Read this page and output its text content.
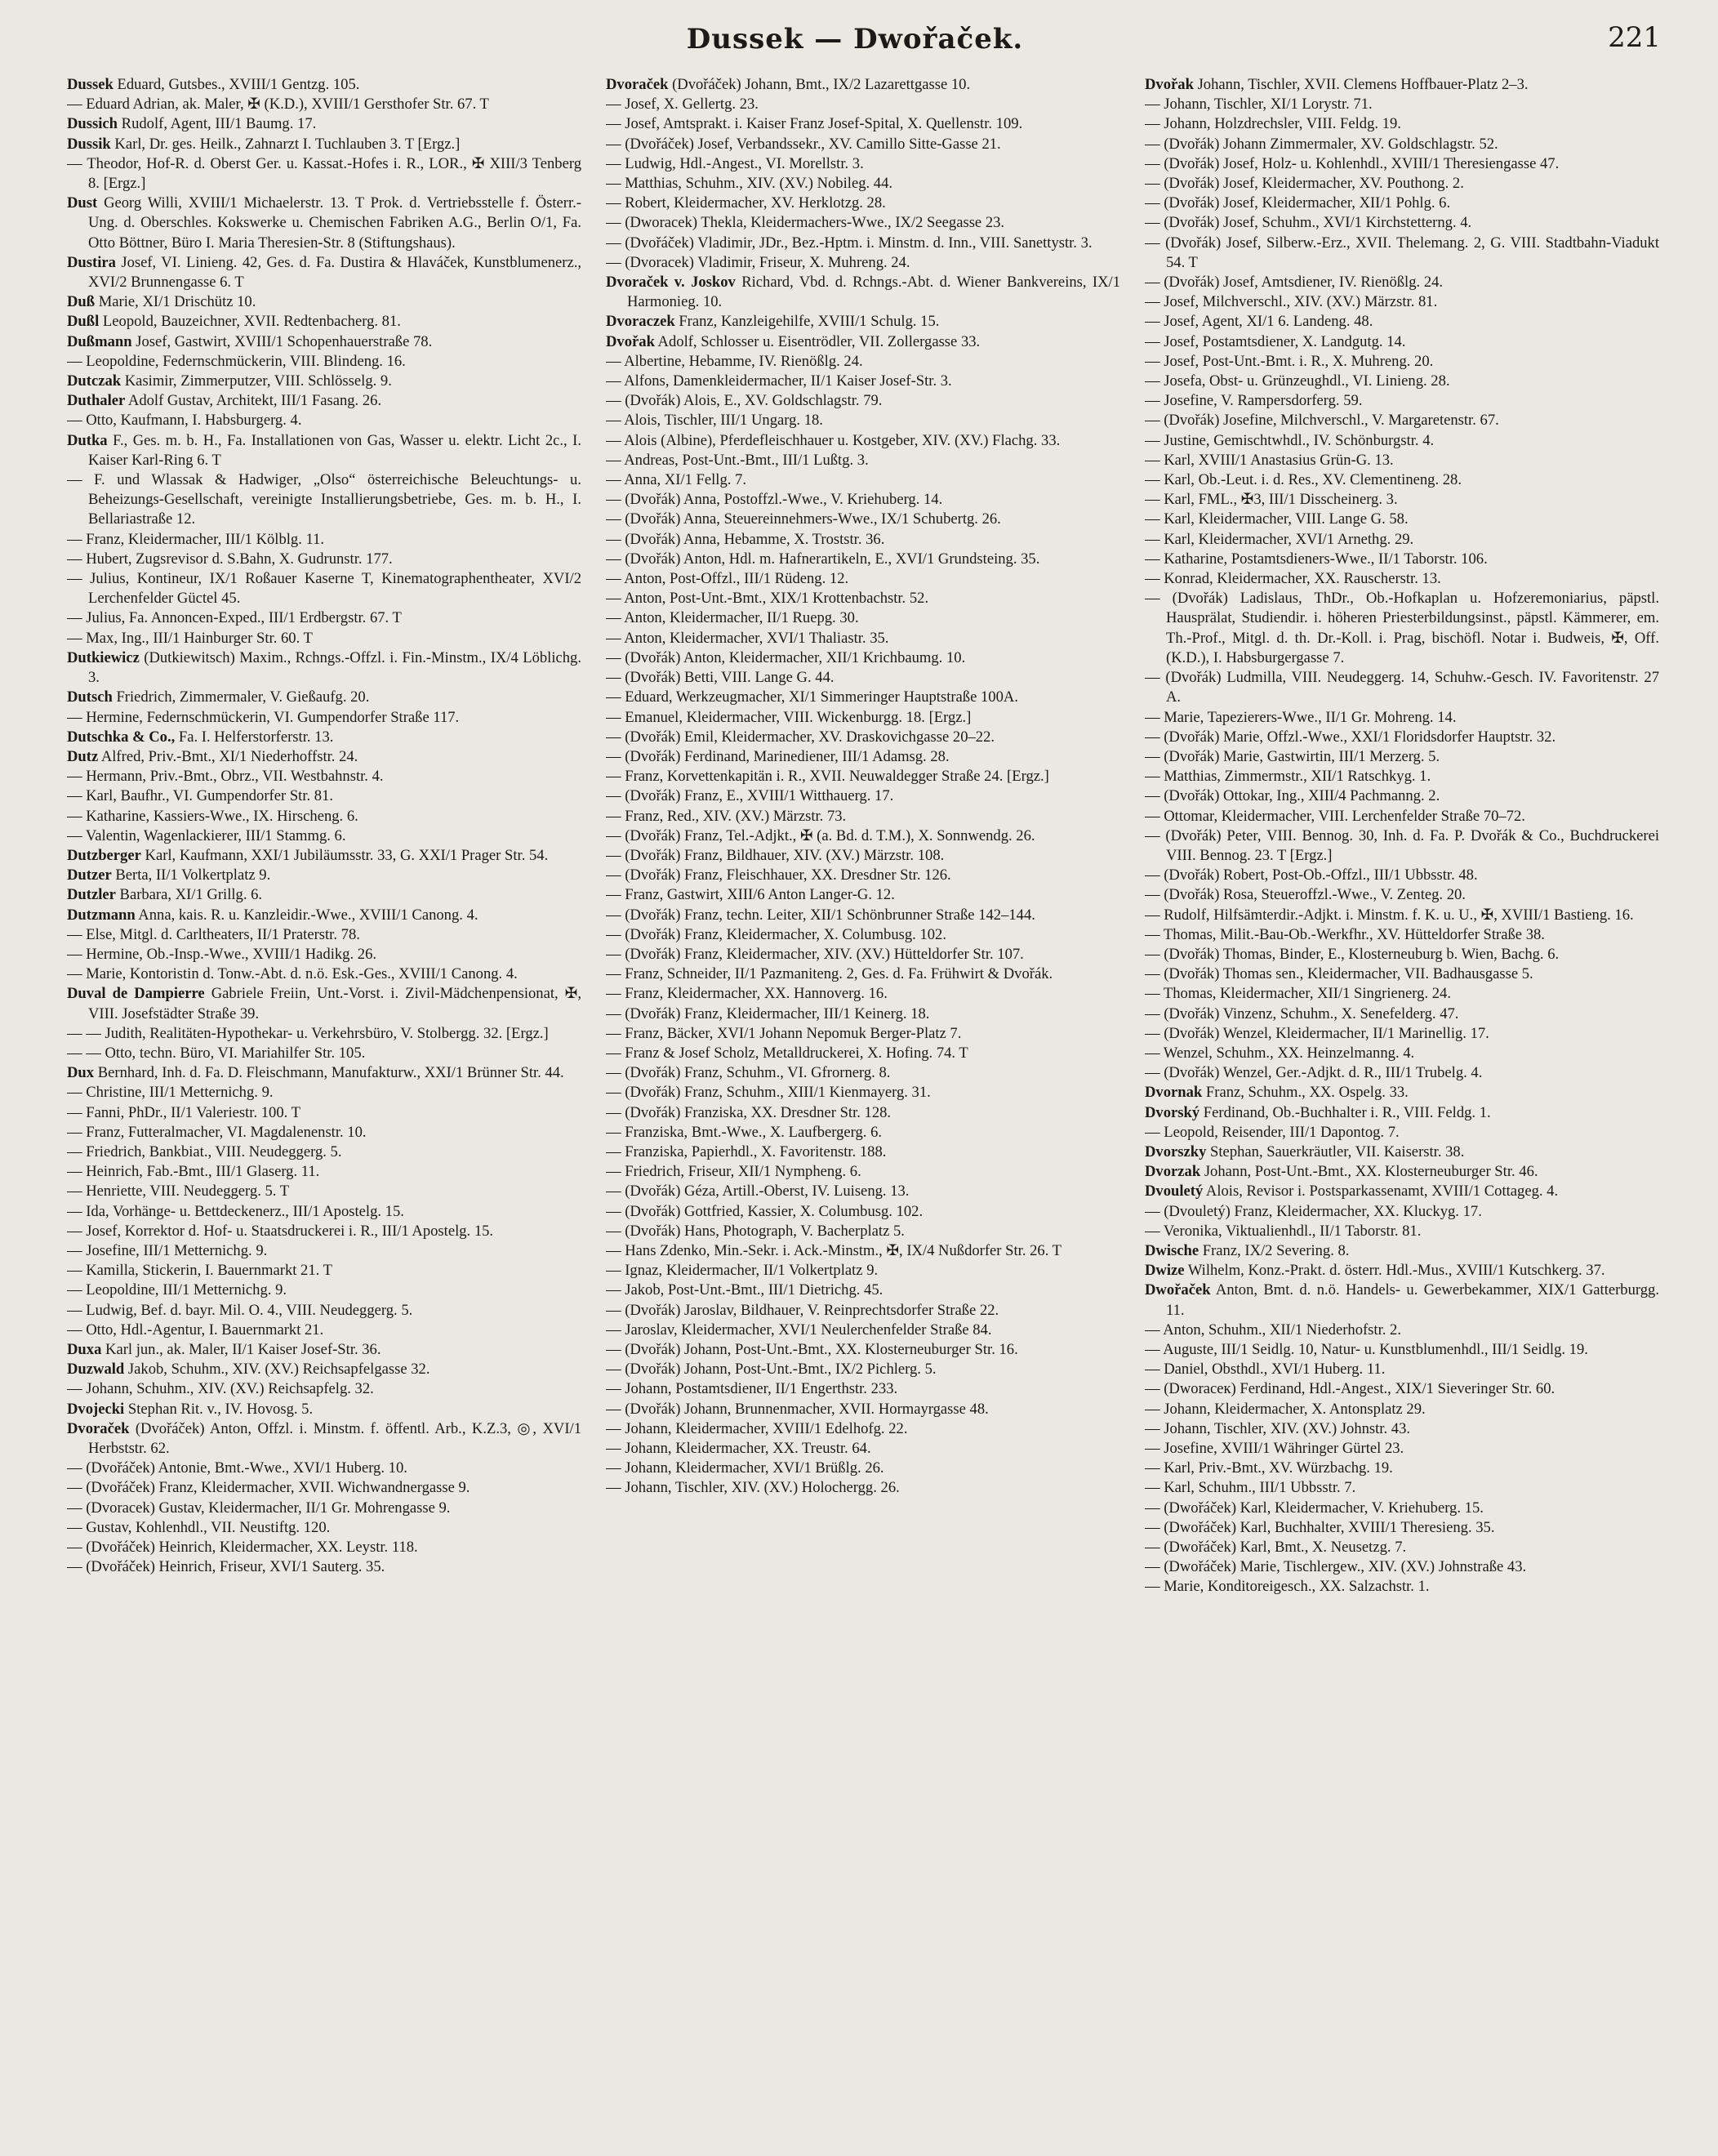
Dussek — Dwořaček.	221
Dussek Eduard, Gutsbes., XVIII/1 Gentzg. 105.
— Eduard Adrian, ak. Maler, ✠ (K.D.), XVIII/1 Gersthofer Str. 67. T
Dussich Rudolf, Agent, III/1 Baumg. 17.
Dussik Karl, Dr. ges. Heilk., Zahnarzt I. Tuchlauben 3. T [Ergz.]
— Theodor, Hof-R. d. Oberst Ger. u. Kassat.-Hofes i. R., LOR., ✠ XIII/3 Tenberg 8. [Ergz.]
Dust Georg Willi, XVIII/1 Michaelerstr. 13. T Prok. d. Vertriebsstelle f. Österr.-Ung. d. Oberschles. Kokswerke u. Chemischen Fabriken A.G., Berlin O/1, Fa. Otto Böttner, Büro I. Maria Theresien-Str. 8 (Stiftungshaus).
Dustira Josef, VI. Linieng. 42, Ges. d. Fa. Dustira & Hlaváček, Kunstblumenerz., XVI/2 Brunnengasse 6. T
Duß Marie, XI/1 Drischütz 10.
Dußl Leopold, Bauzeichner, XVII. Redtenbacherg. 81.
Dußmann Josef, Gastwirt, XVIII/1 Schopenhauerstraße 78.
— Leopoldine, Federnschmückerin, VIII. Blindeng. 16.
Dutczak Kasimir, Zimmerputzer, VIII. Schlösselg. 9.
Duthaler Adolf Gustav, Architekt, III/1 Fasang. 26.
— Otto, Kaufmann, I. Habsburgerg. 4.
Dutka F., Ges. m. b. H., Fa. Installationen von Gas, Wasser u. elektr. Licht 2c., I. Kaiser Karl-Ring 6. T
— F. und Wlassak & Hadwiger, „Olso“ österreichische Beleuchtungs- u. Beheizungs-Gesellschaft, vereinigte Installierungsbetriebe, Ges. m. b. H., I. Bellariastraße 12.
— Franz, Kleidermacher, III/1 Kölblg. 11.
— Hubert, Zugsrevisor d. S.Bahn, X. Gudrunstr. 177.
— Julius, Kontineur, IX/1 Roßauer Kaserne T, Kinematographentheater, XVI/2 Lerchenfelder Güctel 45.
— Julius, Fa. Annoncen-Exped., III/1 Erdbergstr. 67. T
— Max, Ing., III/1 Hainburger Str. 60. T
Dutkiewicz (Dutkiewitsch) Maxim., Rchngs.-Offzl. i. Fin.-Minstm., IX/4 Löblichg. 3.
Dutsch Friedrich, Zimmermaler, V. Gießaufg. 20.
— Hermine, Federnschmückerin, VI. Gumpendorfer Straße 117.
Dutschka & Co., Fa. I. Helferstorferstr. 13.
Dutz Alfred, Priv.-Bmt., XI/1 Niederhoffstr. 24.
— Hermann, Priv.-Bmt., Obrz., VII. Westbahnstr. 4.
— Karl, Baufhr., VI. Gumpendorfer Str. 81.
— Katharine, Kassiers-Wwe., IX. Hirscheng. 6.
— Valentin, Wagenlackierer, III/1 Stammg. 6.
Dutzberger Karl, Kaufmann, XXI/1 Jubiläumsstr. 33, G. XXI/1 Prager Str. 54.
Dutzer Berta, II/1 Volkertplatz 9.
Dutzler Barbara, XI/1 Grillg. 6.
Dutzmann Anna, kais. R. u. Kanzleidir.-Wwe., XVIII/1 Canong. 4.
— Else, Mitgl. d. Carltheaters, II/1 Praterstr. 78.
— Hermine, Ob.-Insp.-Wwe., XVIII/1 Hadikg. 26.
— Marie, Kontoristin d. Tonw.-Abt. d. n.ö. Esk.-Ges., XVIII/1 Canong. 4.
Duval de Dampierre Gabriele Freiin, Unt.-Vorst. i. Zivil-Mädchenpensionat, ✠, VIII. Josefstädter Straße 39.
— — Judith, Realitäten-Hypothekar- u. Verkehrsbüro, V. Stolbergg. 32. [Ergz.]
— — Otto, techn. Büro, VI. Mariahilfer Str. 105.
Dux Bernhard, Inh. d. Fa. D. Fleischmann, Manufakturw., XXI/1 Brünner Str. 44.
— Christine, III/1 Metternichg. 9.
— Fanni, PhDr., II/1 Valeriestr. 100. T
— Franz, Futteralmacher, VI. Magdalenenstr. 10.
— Friedrich, Bankbiat., VIII. Neudeggerg. 5.
— Heinrich, Fab.-Bmt., III/1 Glaserg. 11.
— Henriette, VIII. Neudeggerg. 5. T
— Ida, Vorhänge- u. Bettdeckenerz., III/1 Apostelg. 15.
— Josef, Korrektor d. Hof- u. Staatsdruckerei i. R., III/1 Apostelg. 15.
— Josefine, III/1 Metternichg. 9.
— Kamilla, Stickerin, I. Bauernmarkt 21. T
— Leopoldine, III/1 Metternichg. 9.
— Ludwig, Bef. d. bayr. Mil. O. 4., VIII. Neudeggerg. 5.
— Otto, Hdl.-Agentur, I. Bauernmarkt 21.
Duxa Karl jun., ak. Maler, II/1 Kaiser Josef-Str. 36.
Duzwald Jakob, Schuhm., XIV. (XV.) Reichsapfelgasse 32.
— Johann, Schuhm., XIV. (XV.) Reichsapfelg. 32.
Dvojecki Stephan Rit. v., IV. Hovosg. 5.
Dvoraček (Dvořáček) Anton, Offzl. i. Minstm. f. öffentl. Arb., K.Z.3, ◎, XVI/1 Herbststr. 62.
— (Dvořáček) Antonie, Bmt.-Wwe., XVI/1 Huberg. 10.
— (Dvořáček) Franz, Kleidermacher, XVII. Wichwandnergasse 9.
— (Dvoracek) Gustav, Kleidermacher, II/1 Gr. Mohrengasse 9.
— Gustav, Kohlenhdl., VII. Neustiftg. 120.
— (Dvořáček) Heinrich, Kleidermacher, XX. Leystr. 118.
— (Dvořáček) Heinrich, Friseur, XVI/1 Sauterg. 35.
Dvoraček (Dvořáček) Johann, Bmt., IX/2 Lazarettgasse 10.
— Josef, X. Gellertg. 23.
— Josef, Amtsprakt. i. Kaiser Franz Josef-Spital, X. Quellenstr. 109.
— (Dvořáček) Josef, Verbandssekr., XV. Camillo Sitte-Gasse 21.
— Ludwig, Hdl.-Angest., VI. Morellstr. 3.
— Matthias, Schuhm., XIV. (XV.) Nobileg. 44.
— Robert, Kleidermacher, XV. Herklotzg. 28.
— (Dworacek) Thekla, Kleidermachers-Wwe., IX/2 Seegasse 23.
— (Dvořáček) Vladimir, JDr., Bez.-Hptm. i. Minstm. d. Inn., VIII. Sanettystr. 3.
— (Dvoracek) Vladimir, Friseur, X. Muhreng. 24.
Dvoraček v. Joskov Richard, Vbd. d. Rchngs.-Abt. d. Wiener Bankvereins, IX/1 Harmonieg. 10.
Dvoraczek Franz, Kanzleigehilfe, XVIII/1 Schulg. 15.
Dvořak Adolf, Schlosser u. Eisentrödler, VII. Zollergasse 33.
— Albertine, Hebamme, IV. Rienößlg. 24.
— Alfons, Damenkleidermacher, II/1 Kaiser Josef-Str. 3.
— (Dvořák) Alois, E., XV. Goldschlagstr. 79.
— Alois, Tischler, III/1 Ungarg. 18.
— Alois (Albine), Pferdefleischhauer u. Kostgeber, XIV. (XV.) Flachg. 33.
— Andreas, Post-Unt.-Bmt., III/1 Lußtg. 3.
— Anna, XI/1 Fellg. 7.
— (Dvořák) Anna, Postoffzl.-Wwe., V. Kriehuberg. 14.
— (Dvořák) Anna, Steuereinnehmers-Wwe., IX/1 Schubertg. 26.
— (Dvořák) Anna, Hebamme, X. Troststr. 36.
— (Dvořák) Anton, Hdl. m. Hafnerartikeln, E., XVI/1 Grundsteing. 35.
— Anton, Post-Offzl., III/1 Rüdeng. 12.
— Anton, Post-Unt.-Bmt., XIX/1 Krottenbachstr. 52.
— Anton, Kleidermacher, II/1 Ruepg. 30.
— Anton, Kleidermacher, XVI/1 Thaliastr. 35.
— (Dvořák) Anton, Kleidermacher, XII/1 Krichbaumg. 10.
— (Dvořák) Betti, VIII. Lange G. 44.
— Eduard, Werkzeugmacher, XI/1 Simmeringer Hauptstraße 100A.
— Emanuel, Kleidermacher, VIII. Wickenburgg. 18. [Ergz.]
— (Dvořák) Emil, Kleidermacher, XV. Draskovichgasse 20–22.
— (Dvořák) Ferdinand, Marinediener, III/1 Adamsg. 28.
— Franz, Korvettenkapitän i. R., XVII. Neuwaldegger Straße 24. [Ergz.]
— (Dvořák) Franz, E., XVIII/1 Witthauerg. 17.
— Franz, Red., XIV. (XV.) Märzstr. 73.
— (Dvořák) Franz, Tel.-Adjkt., ✠ (a. Bd. d. T.M.), X. Sonnwendg. 26.
— (Dvořák) Franz, Bildhauer, XIV. (XV.) Märzstr. 108.
— (Dvořák) Franz, Fleischhauer, XX. Dresdner Str. 126.
— Franz, Gastwirt, XIII/6 Anton Langer-G. 12.
— (Dvořák) Franz, techn. Leiter, XII/1 Schönbrunner Straße 142–144.
— (Dvořák) Franz, Kleidermacher, X. Columbusg. 102.
— (Dvořák) Franz, Kleidermacher, XIV. (XV.) Hütteldorfer Str. 107.
— Franz, Schneider, II/1 Pazmaniteng. 2, Ges. d. Fa. Frühwirt & Dvořák.
— Franz, Kleidermacher, XX. Hannoverg. 16.
— (Dvořák) Franz, Kleidermacher, III/1 Keinerg. 18.
— Franz, Bäcker, XVI/1 Johann Nepomuk Berger-Platz 7.
— Franz & Josef Scholz, Metalldruckerei, X. Hofing. 74. T
— (Dvořák) Franz, Schuhm., VI. Gfrornerg. 8.
— (Dvořák) Franz, Schuhm., XIII/1 Kienmayerg. 31.
— (Dvořák) Franziska, XX. Dresdner Str. 128.
— Franziska, Bmt.-Wwe., X. Laufbergerg. 6.
— Franziska, Papierhdl., X. Favoritenstr. 188.
— Friedrich, Friseur, XII/1 Nympheng. 6.
— (Dvořák) Géza, Artill.-Oberst, IV. Luiseng. 13.
— (Dvořák) Gottfried, Kassier, X. Columbusg. 102.
— (Dvořák) Hans, Photograph, V. Bacherplatz 5.
— Hans Zdenko, Min.-Sekr. i. Ack.-Minstm., ✠, IX/4 Nußdorfer Str. 26. T
— Ignaz, Kleidermacher, II/1 Volkertplatz 9.
— Jakob, Post-Unt.-Bmt., III/1 Dietrichg. 45.
— (Dvořák) Jaroslav, Bildhauer, V. Reinprechtsdorfer Straße 22.
— Jaroslav, Kleidermacher, XVI/1 Neulerchenfelder Straße 84.
— (Dvořák) Johann, Post-Unt.-Bmt., XX. Klosterneuburger Str. 16.
— (Dvořák) Johann, Post-Unt.-Bmt., IX/2 Pichlerg. 5.
— Johann, Postamtsdiener, II/1 Engerthstr. 233.
— (Dvořák) Johann, Brunnenmacher, XVII. Hormayrgasse 48.
— Johann, Kleidermacher, XVIII/1 Edelhofg. 22.
— Johann, Kleidermacher, XX. Treustr. 64.
— Johann, Kleidermacher, XVI/1 Brüßlg. 26.
— Johann, Tischler, XIV. (XV.) Holochergg. 26.
Dvořak Johann, Tischler, XVII. Clemens Hoffbauer-Platz 2–3.
— Johann, Tischler, XI/1 Lorystr. 71.
— Johann, Holzdrechsler, VIII. Feldg. 19.
— (Dvořák) Johann Zimmermaler, XV. Goldschlagstr. 52.
— (Dvořák) Josef, Holz- u. Kohlenhdl., XVIII/1 Theresiengasse 47.
— (Dvořák) Josef, Kleidermacher, XV. Pouthong. 2.
— (Dvořák) Josef, Kleidermacher, XII/1 Pohlg. 6.
— (Dvořák) Josef, Schuhm., XVI/1 Kirchstetterng. 4.
— (Dvořák) Josef, Silberw.-Erz., XVII. Thelemang. 2, G. VIII. Stadtbahn-Viadukt 54. T
— (Dvořák) Josef, Amtsdiener, IV. Rienößlg. 24.
— Josef, Milchverschl., XIV. (XV.) Märzstr. 81.
— Josef, Agent, XI/1 6. Landeng. 48.
— Josef, Postamtsdiener, X. Landgutg. 14.
— Josef, Post-Unt.-Bmt. i. R., X. Muhreng. 20.
— Josefa, Obst- u. Grünzeughdl., VI. Linieng. 28.
— Josefine, V. Rampersdorferg. 59.
— (Dvořák) Josefine, Milchverschl., V. Margaretenstr. 67.
— Justine, Gemischtwhdl., IV. Schönburgstr. 4.
— Karl, XVIII/1 Anastasius Grün-G. 13.
— Karl, Ob.-Leut. i. d. Res., XV. Clementineng. 28.
— Karl, FML., ✠3, III/1 Disscheinerg. 3.
— Karl, Kleidermacher, VIII. Lange G. 58.
— Karl, Kleidermacher, XVI/1 Arnethg. 29.
— Katharine, Postamtsdieners-Wwe., II/1 Taborstr. 106.
— Konrad, Kleidermacher, XX. Rauscherstr. 13.
— (Dvořák) Ladislaus, ThDr., Ob.-Hofkaplan u. Hofzeremoniarius, päpstl. Hausprälat, Studiendir. i. höheren Priesterbildungsinst., päpstl. Kämmerer, em. Th.-Prof., Mitgl. d. th. Dr.-Koll. i. Prag, bischöfl. Notar i. Budweis, ✠, Off. (K.D.), I. Habsburgergasse 7.
— (Dvořák) Ludmilla, VIII. Neudeggerg. 14, Schuhw.-Gesch. IV. Favoritenstr. 27 A.
— Marie, Tapezierers-Wwe., II/1 Gr. Mohreng. 14.
— (Dvořák) Marie, Offzl.-Wwe., XXI/1 Floridsdorfer Hauptstr. 32.
— (Dvořák) Marie, Gastwirtin, III/1 Merzerg. 5.
— Matthias, Zimmermstr., XII/1 Ratschkyg. 1.
— (Dvořák) Ottokar, Ing., XIII/4 Pachmanng. 2.
— Ottomar, Kleidermacher, VIII. Lerchenfelder Straße 70–72.
— (Dvořák) Peter, VIII. Bennog. 30, Inh. d. Fa. P. Dvořák & Co., Buchdruckerei VIII. Bennog. 23. T [Ergz.]
— (Dvořák) Robert, Post-Ob.-Offzl., III/1 Ubbsstr. 48.
— (Dvořák) Rosa, Steueroffzl.-Wwe., V. Zenteg. 20.
— Rudolf, Hilfsämterdir.-Adjkt. i. Minstm. f. K. u. U., ✠, XVIII/1 Bastieng. 16.
— Thomas, Milit.-Bau-Ob.-Werkfhr., XV. Hütteldorfer Straße 38.
— (Dvořák) Thomas, Binder, E., Klosterneuburg b. Wien, Bachg. 6.
— (Dvořák) Thomas sen., Kleidermacher, VII. Badhausgasse 5.
— Thomas, Kleidermacher, XII/1 Singrienerg. 24.
— (Dvořák) Vinzenz, Schuhm., X. Senefelderg. 47.
— (Dvořák) Wenzel, Kleidermacher, II/1 Marinellig. 17.
— Wenzel, Schuhm., XX. Heinzelmanng. 4.
— (Dvořák) Wenzel, Ger.-Adjkt. d. R., III/1 Trubelg. 4.
Dvornak Franz, Schuhm., XX. Ospelg. 33.
Dvorský Ferdinand, Ob.-Buchhalter i. R., VIII. Feldg. 1.
— Leopold, Reisender, III/1 Dapontog. 7.
Dvorszky Stephan, Sauerkräutler, VII. Kaiserstr. 38.
Dvorzak Johann, Post-Unt.-Bmt., XX. Klosterneuburger Str. 46.
Dvouletý Alois, Revisor i. Postsparkassenamt, XVIII/1 Cottageg. 4.
— (Dvouletý) Franz, Kleidermacher, XX. Kluckyg. 17.
— Veronika, Viktualienhdl., II/1 Taborstr. 81.
Dwische Franz, IX/2 Severing. 8.
Dwize Wilhelm, Konz.-Prakt. d. österr. Hdl.-Mus., XVIII/1 Kutschkerg. 37.
Dwořaček Anton, Bmt. d. n.ö. Handels- u. Gewerbekammer, XIX/1 Gatterburgg. 11.
— Anton, Schuhm., XII/1 Niederhofstr. 2.
— Auguste, III/1 Seidlg. 10, Natur- u. Kunstblumenhdl., III/1 Seidlg. 19.
— Daniel, Obsthdl., XVI/1 Huberg. 11.
— (Dworaceк) Ferdinand, Hdl.-Angest., XIX/1 Sieveringer Str. 60.
— Johann, Kleidermacher, X. Antonsplatz 29.
— Johann, Tischler, XIV. (XV.) Johnstr. 43.
— Josefine, XVIII/1 Währinger Gürtel 23.
— Karl, Priv.-Bmt., XV. Würzbachg. 19.
— Karl, Schuhm., III/1 Ubbsstr. 7.
— (Dwořáček) Karl, Kleidermacher, V. Kriehuberg. 15.
— (Dwořáček) Karl, Buchhalter, XVIII/1 Theresieng. 35.
— (Dwořáček) Karl, Bmt., X. Neusetzg. 7.
— (Dwořáček) Marie, Tischlergew., XIV. (XV.) Johnstraße 43.
— Marie, Konditoreigesch., XX. Salzachstr. 1.
